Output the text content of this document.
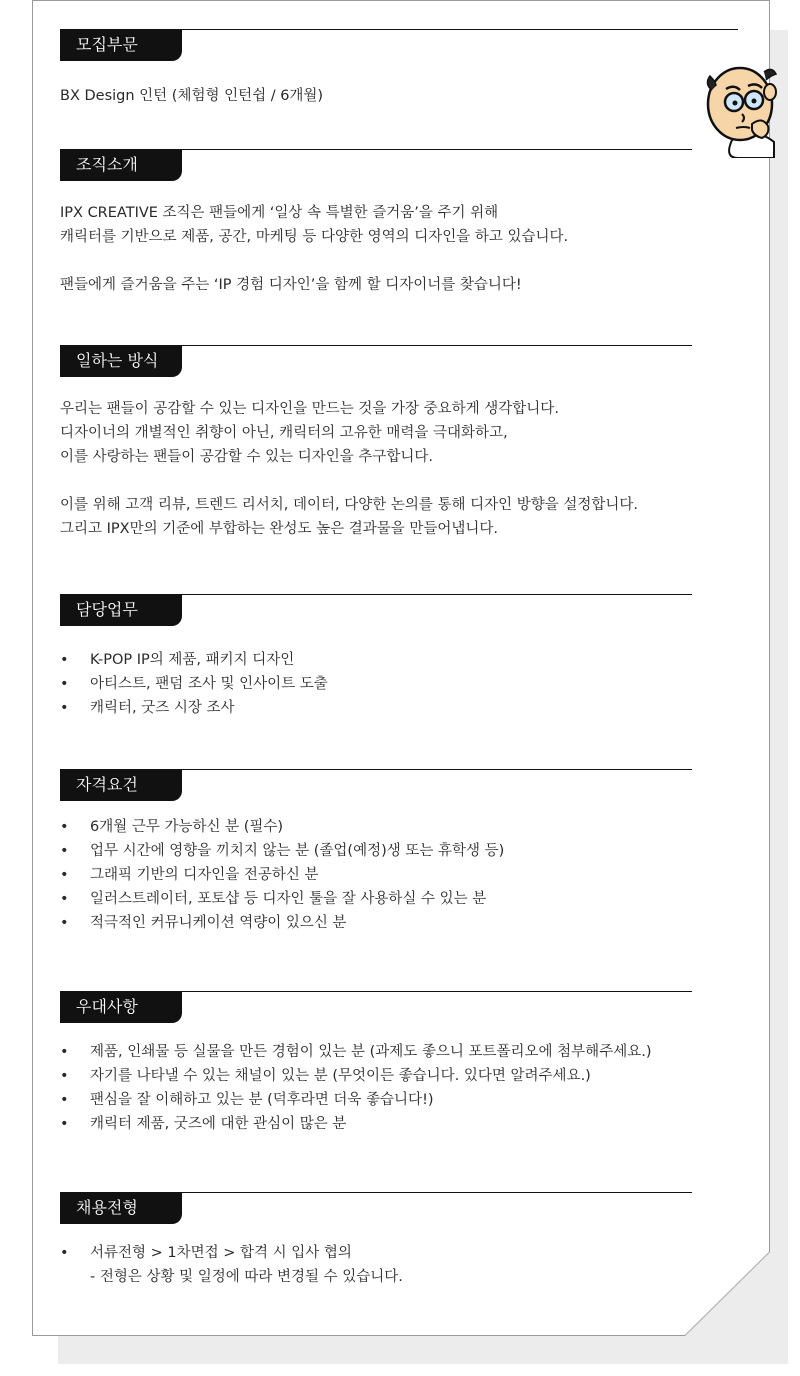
모집부문

BX Design 인턴 (체험형 인턴쉽 / 6개월)

조직소개

IPX CREATIVE 조직은 팬들에게 ‘일상 속 특별한 즐거움’을 주기 위해

캐릭터를 기반으로 제품, 공간, 마케팅 등 다양한 영역의 디자인을 하고 있습니다.

팬들에게 즐거움을 주는 ‘IP 경험 디자인’을 함께 할 디자이너를 찾습니다!

일하는 방식

우리는 팬들이 공감할 수 있는 디자인을 만드는 것을 가장 중요하게 생각합니다.

디자이너의 개별적인 취향이 아닌, 캐릭터의 고유한 매력을 극대화하고,

이를 사랑하는 팬들이 공감할 수 있는 디자인을 추구합니다.

이를 위해 고객 리뷰, 트렌드 리서치, 데이터, 다양한 논의를 통해 디자인 방향을 설정합니다.

그리고 IPX만의 기준에 부합하는 완성도 높은 결과물을 만들어냅니다.

담당업무
• K-POP IP의 제품, 패키지 디자인
• 아티스트, 팬덤 조사 및 인사이트 도출
• 캐릭터, 굿즈 시장 조사
자격요건
• 6개월 근무 가능하신 분 (필수)
• 업무 시간에 영향을 끼치지 않는 분 (졸업(예정)생 또는 휴학생 등)
• 그래픽 기반의 디자인을 전공하신 분
• 일러스트레이터, 포토샵 등 디자인 툴을 잘 사용하실 수 있는 분
• 적극적인 커뮤니케이션 역량이 있으신 분
우대사항
• 제품, 인쇄물 등 실물을 만든 경험이 있는 분 (과제도 좋으니 포트폴리오에 첨부해주세요.)
• 자기를 나타낼 수 있는 채널이 있는 분 (무엇이든 좋습니다. 있다면 알려주세요.)
• 팬심을 잘 이해하고 있는 분 (덕후라면 더욱 좋습니다!)
• 캐릭터 제품, 굿즈에 대한 관심이 많은 분
채용전형
• 서류전형 > 1차면접 > 합격 시 입사 협의
- 전형은 상황 및 일정에 따라 변경될 수 있습니다.
